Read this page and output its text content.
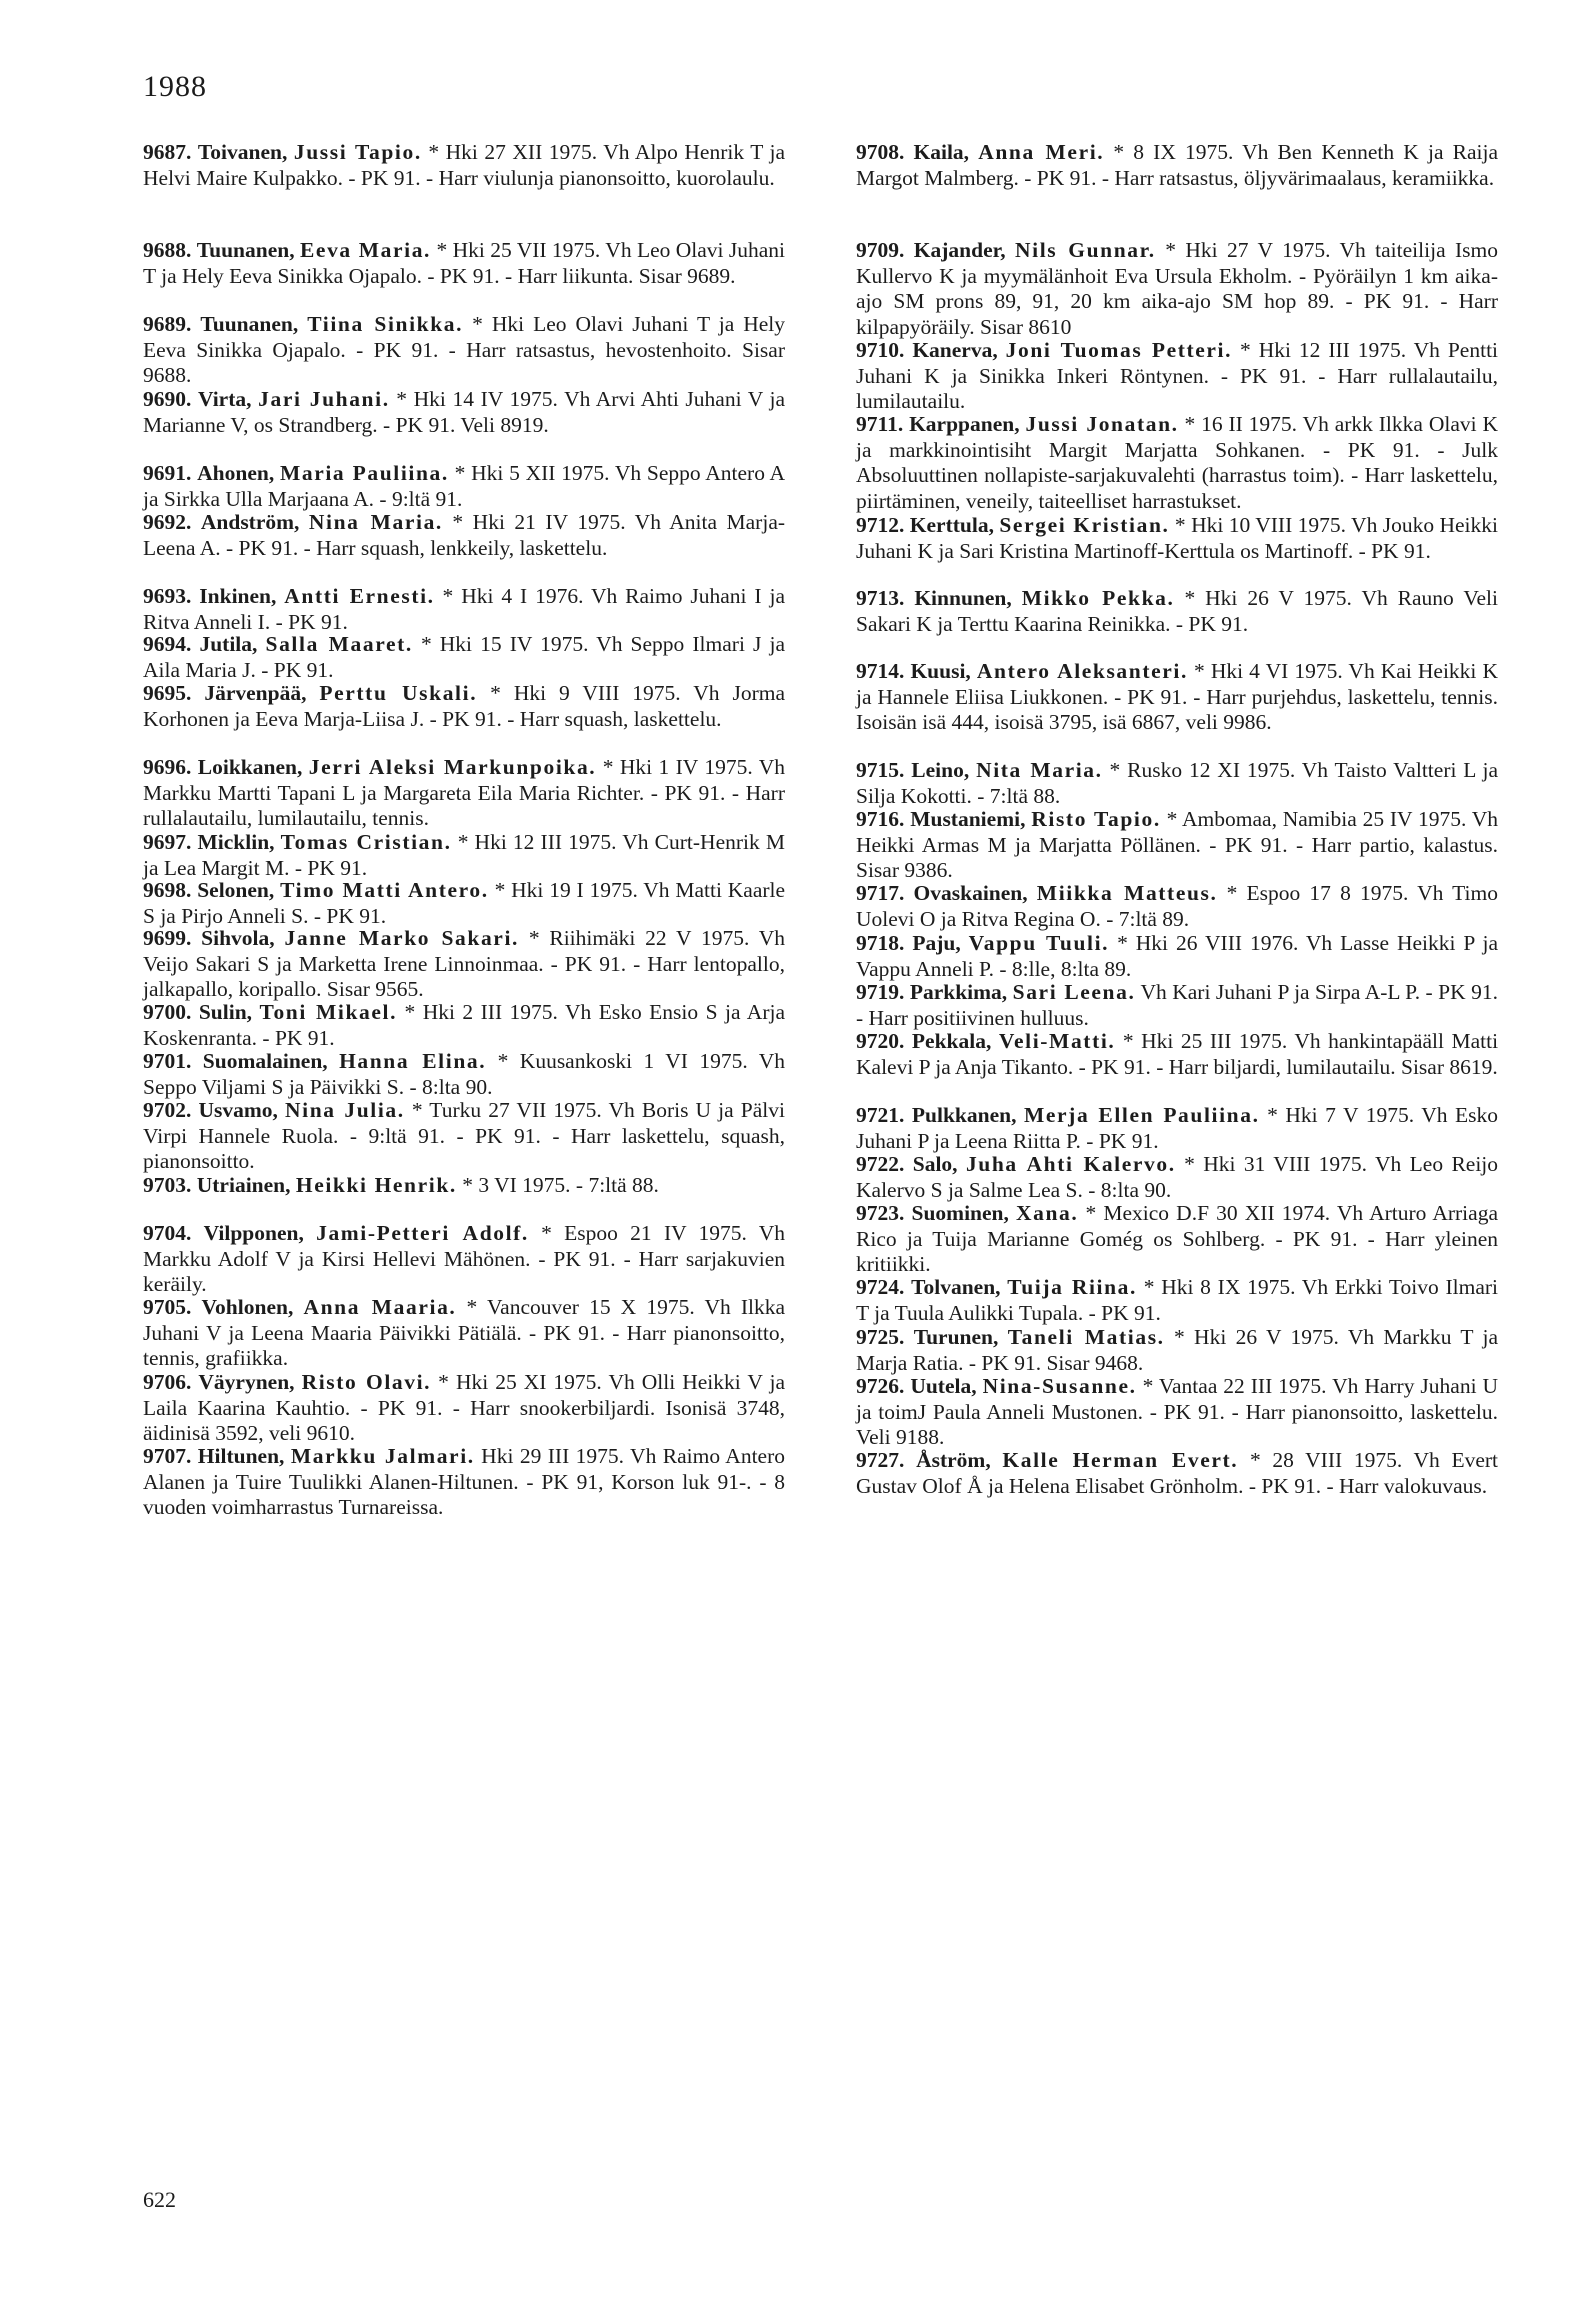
1988

9687. Toivanen, Jussi Tapio. * Hki 27 XII 1975. Vh Alpo Henrik T ja Helvi Maire Kulpakko. - PK 91. - Harr viulunja pianonsoitto, kuorolaulu.

9688. Tuunanen, Eeva Maria. * Hki 25 VII 1975. Vh Leo Olavi Juhani T ja Hely Eeva Sinikka Ojapalo. - PK 91. - Harr liikunta. Sisar 9689.

9689. Tuunanen, Tiina Sinikka. * Hki Leo Olavi Juhani T ja Hely Eeva Sinikka Ojapalo. - PK 91. - Harr ratsastus, hevostenhoito. Sisar 9688.

9690. Virta, Jari Juhani. * Hki 14 IV 1975. Vh Arvi Ahti Juhani V ja Marianne V, os Strandberg. - PK 91. Veli 8919.

9691. Ahonen, Maria Pauliina. * Hki 5 XII 1975. Vh Seppo Antero A ja Sirkka Ulla Marjaana A. - 9:ltä 91.

9692. Andström, Nina Maria. * Hki 21 IV 1975. Vh Anita Marja-Leena A. - PK 91. - Harr squash, lenkkeily, laskettelu.

9693. Inkinen, Antti Ernesti. * Hki 4 I 1976. Vh Raimo Juhani I ja Ritva Anneli I. - PK 91.

9694. Jutila, Salla Maaret. * Hki 15 IV 1975. Vh Seppo Ilmari J ja Aila Maria J. - PK 91.

9695. Järvenpää, Perttu Uskali. * Hki 9 VIII 1975. Vh Jorma Korhonen ja Eeva Marja-Liisa J. - PK 91. - Harr squash, laskettelu.

9696. Loikkanen, Jerri Aleksi Markunpoika. * Hki 1 IV 1975. Vh Markku Martti Tapani L ja Margareta Eila Maria Richter. - PK 91. - Harr rullalautailu, lumilautailu, tennis.

9697. Micklin, Tomas Cristian. * Hki 12 III 1975. Vh Curt-Henrik M ja Lea Margit M. - PK 91.

9698. Selonen, Timo Matti Antero. * Hki 19 I 1975. Vh Matti Kaarle S ja Pirjo Anneli S. - PK 91.

9699. Sihvola, Janne Marko Sakari. * Riihimäki 22 V 1975. Vh Veijo Sakari S ja Marketta Irene Linnoinmaa. - PK 91. - Harr lentopallo, jalkapallo, koripallo. Sisar 9565.

9700. Sulin, Toni Mikael. * Hki 2 III 1975. Vh Esko Ensio S ja Arja Koskenranta. - PK 91.

9701. Suomalainen, Hanna Elina. * Kuusankoski 1 VI 1975. Vh Seppo Viljami S ja Päivikki S. - 8:lta 90.

9702. Usvamo, Nina Julia. * Turku 27 VII 1975. Vh Boris U ja Pälvi Virpi Hannele Ruola. - 9:ltä 91. - PK 91. - Harr laskettelu, squash, pianonsoitto.

9703. Utriainen, Heikki Henrik. * 3 VI 1975. - 7:ltä 88.

9704. Vilpponen, Jami-Petteri Adolf. * Espoo 21 IV 1975. Vh Markku Adolf V ja Kirsi Hellevi Mähönen. - PK 91. - Harr sarjakuvien keräily.

9705. Vohlonen, Anna Maaria. * Vancouver 15 X 1975. Vh Ilkka Juhani V ja Leena Maaria Päivikki Pätiälä. - PK 91. - Harr pianonsoitto, tennis, grafiikka.

9706. Väyrynen, Risto Olavi. * Hki 25 XI 1975. Vh Olli Heikki V ja Laila Kaarina Kauhtio. - PK 91. - Harr snookerbiljardi. Isonisä 3748, äidinisä 3592, veli 9610.

9707. Hiltunen, Markku Jalmari. Hki 29 III 1975. Vh Raimo Antero Alanen ja Tuire Tuulikki Alanen-Hiltunen. - PK 91, Korson luk 91-. - 8 vuoden voimharrastus Turnareissa.

9708. Kaila, Anna Meri. * 8 IX 1975. Vh Ben Kenneth K ja Raija Margot Malmberg. - PK 91. - Harr ratsastus, öljyvärimaalaus, keramiikka.

9709. Kajander, Nils Gunnar. * Hki 27 V 1975. Vh taiteilija Ismo Kullervo K ja myymälänhoit Eva Ursula Ekholm. - Pyöräilyn 1 km aika-ajo SM prons 89, 91, 20 km aika-ajo SM hop 89. - PK 91. - Harr kilpapyöräily. Sisar 8610

9710. Kanerva, Joni Tuomas Petteri. * Hki 12 III 1975. Vh Pentti Juhani K ja Sinikka Inkeri Röntynen. - PK 91. - Harr rullalautailu, lumilautailu.

9711. Karppanen, Jussi Jonatan. * 16 II 1975. Vh arkk Ilkka Olavi K ja markkinointisiht Margit Marjatta Sohkanen. - PK 91. - Julk Absoluuttinen nollapiste-sarjakuvalehti (harrastus toim). - Harr laskettelu, piirtäminen, veneily, taiteelliset harrastukset.

9712. Kerttula, Sergei Kristian. * Hki 10 VIII 1975. Vh Jouko Heikki Juhani K ja Sari Kristina Martinoff-Kerttula os Martinoff. - PK 91.

9713. Kinnunen, Mikko Pekka. * Hki 26 V 1975. Vh Rauno Veli Sakari K ja Terttu Kaarina Reinikka. - PK 91.

9714. Kuusi, Antero Aleksanteri. * Hki 4 VI 1975. Vh Kai Heikki K ja Hannele Eliisa Liukkonen. - PK 91. - Harr purjehdus, laskettelu, tennis. Isoisän isä 444, isoisä 3795, isä 6867, veli 9986.

9715. Leino, Nita Maria. * Rusko 12 XI 1975. Vh Taisto Valtteri L ja Silja Kokotti. - 7:ltä 88.

9716. Mustaniemi, Risto Tapio. * Ambomaa, Namibia 25 IV 1975. Vh Heikki Armas M ja Marjatta Pöllänen. - PK 91. - Harr partio, kalastus. Sisar 9386.

9717. Ovaskainen, Miikka Matteus. * Espoo 17 8 1975. Vh Timo Uolevi O ja Ritva Regina O. - 7:ltä 89.

9718. Paju, Vappu Tuuli. * Hki 26 VIII 1976. Vh Lasse Heikki P ja Vappu Anneli P. - 8:lle, 8:lta 89.

9719. Parkkima, Sari Leena. Vh Kari Juhani P ja Sirpa A-L P. - PK 91. - Harr positiivinen hulluus.

9720. Pekkala, Veli-Matti. * Hki 25 III 1975. Vh hankintapääll Matti Kalevi P ja Anja Tikanto. - PK 91. - Harr biljardi, lumilautailu. Sisar 8619.

9721. Pulkkanen, Merja Ellen Pauliina. * Hki 7 V 1975. Vh Esko Juhani P ja Leena Riitta P. - PK 91.

9722. Salo, Juha Ahti Kalervo. * Hki 31 VIII 1975. Vh Leo Reijo Kalervo S ja Salme Lea S. - 8:lta 90.

9723. Suominen, Xana. * Mexico D.F 30 XII 1974. Vh Arturo Arriaga Rico ja Tuija Marianne Gomég os Sohlberg. - PK 91. - Harr yleinen kritiikki.

9724. Tolvanen, Tuija Riina. * Hki 8 IX 1975. Vh Erkki Toivo Ilmari T ja Tuula Aulikki Tupala. - PK 91.

9725. Turunen, Taneli Matias. * Hki 26 V 1975. Vh Markku T ja Marja Ratia. - PK 91. Sisar 9468.

9726. Uutela, Nina-Susanne. * Vantaa 22 III 1975. Vh Harry Juhani U ja toimJ Paula Anneli Mustonen. - PK 91. - Harr pianonsoitto, laskettelu. Veli 9188.

9727. Åström, Kalle Herman Evert. * 28 VIII 1975. Vh Evert Gustav Olof Å ja Helena Elisabet Grönholm. - PK 91. - Harr valokuvaus.

622
